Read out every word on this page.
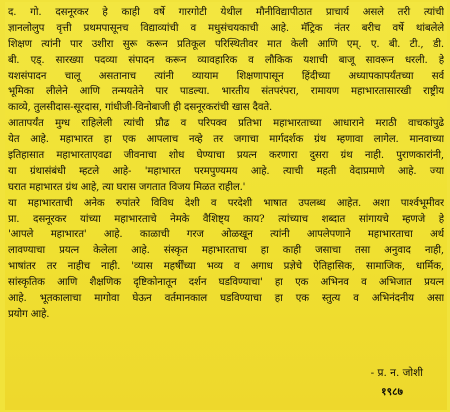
द. गो. दसनूरकर हे काही वर्षे गारगोटी येथील मौनीविद्यापीठात प्राचार्य असले तरी त्यांची
ज्ञानलोलुप वृत्ती प्रथमपासूनच विद्याव्यांची व मधुसंचयकाची आहे. मॅट्रिक नंतर बरीच वर्षे थांबलेले
शिक्षण त्यांनी पार उशीरा सुरू करून प्रतिकूल परिस्थितीवर मात केली आणि एम्. ए. बी. टी., डी.
बी. एड्. सारख्या पदव्या संपादन करून व्यावहारिक व लौकिक यशाची बाजू सावरून धरली. हे
यशसंपादन चालू असतानाच त्यांनी व्यायाम शिक्षणापासून हिंदीच्या अध्यापकापर्यंतच्या सर्व
भूमिका लीलेने आणि तन्मयतेने पार पाडल्या. भारतीय संतपरंपरा, रामायण महाभारतासारखी राष्ट्रीय
काव्ये, तुलसीदास-सूरदास, गांधीजी-विनोबाजी ही दसनूरकरांची खास दैवते.
आतापर्यंत मुग्ध राहिलेली त्यांची प्रौढ व परिपक्व प्रतिभा महाभारताच्या आधाराने मराठी वाचकांपुढे
येत आहे. महाभारत हा एक आपलाच नव्हे तर जगाचा मार्गदर्शक ग्रंथ म्हणावा लागेल. मानवाच्या
इतिहासात महाभारताएवढा जीवनाचा शोध घेण्याचा प्रयत्न करणारा दुसरा ग्रंथ नाही. पुराणकारांनी,
या ग्रंथासंबंधी म्हटले आहे- 'महाभारत परमपुण्यमय आहे. त्याची महती वेदाप्रमाणे आहे. ज्या
घरात महाभारत ग्रंथ आहे, त्या घरास जगतात विजय मिळत राहील.'
या महाभारताची अनेक रुपांतरे विविध देशी व परदेशी भाषात उपलब्ध आहेत. अशा पार्श्वभूमीवर
प्रा. दसनूरकर यांच्या महाभारताचे नेमके वैशिष्ट्य काय? त्यांच्याच शब्दात सांगायचे म्हणजे हे
'आपले महाभारत' आहे. काळाची गरज ओळखून त्यांनी आपलेपणाने महाभारताचा अर्थ
लावण्याचा प्रयत्न केलेला आहे. संस्कृत महाभारताचा हा काही जसाचा तसा अनुवाद नाही,
भाषांतर तर नाहीच नाही. 'व्यास महर्षींच्या भव्य व अगाध प्रज्ञेचे ऐतिहासिक, सामाजिक, धार्मिक,
सांस्कृतिक आणि शैक्षणिक दृष्टिकोनातून दर्शन घडविण्याचा' हा एक अभिनव व अभिजात प्रयत्न
आहे. भूतकालाचा मागोवा घेऊन वर्तमानकाल घडविण्याचा हा एक स्तुत्य व अभिनंदनीय असा
प्रयोग आहे.
- प्र. न. जोशी
१९८७
